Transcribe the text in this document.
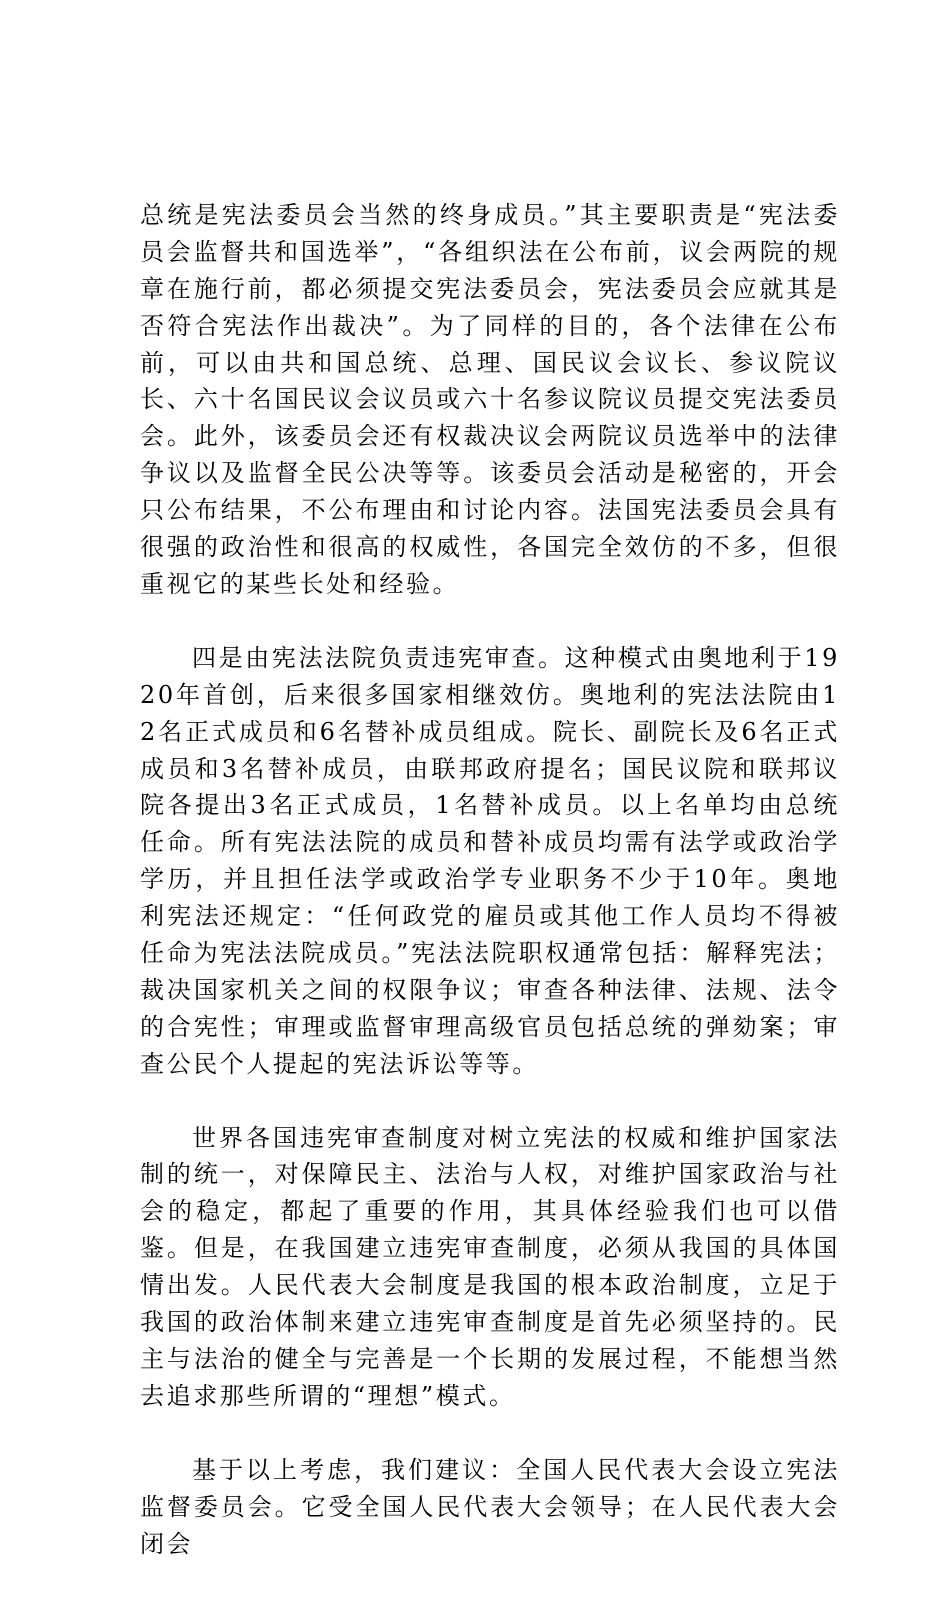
总统是宪法委员会当然的终身成员。”其主要职责是“宪法委员会监督共和国选举”，“各组织法在公布前，议会两院的规章在施行前，都必须提交宪法委员会，宪法委员会应就其是否符合宪法作出裁决”。为了同样的目的，各个法律在公布前，可以由共和国总统、总理、国民议会议长、参议院议长、六十名国民议会议员或六十名参议院议员提交宪法委员会。此外，该委员会还有权裁决议会两院议员选举中的法律争议以及监督全民公决等等。该委员会活动是秘密的，开会只公布结果，不公布理由和讨论内容。法国宪法委员会具有很强的政治性和很高的权威性，各国完全效仿的不多，但很重视它的某些长处和经验。

四是由宪法法院负责违宪审查。这种模式由奥地利于1920年首创，后来很多国家相继效仿。奥地利的宪法法院由12名正式成员和6名替补成员组成。院长、副院长及6名正式成员和3名替补成员，由联邦政府提名；国民议院和联邦议院各提出3名正式成员，1名替补成员。以上名单均由总统任命。所有宪法法院的成员和替补成员均需有法学或政治学学历，并且担任法学或政治学专业职务不少于10年。奥地利宪法还规定：“任何政党的雇员或其他工作人员均不得被任命为宪法法院成员。”宪法法院职权通常包括：解释宪法；裁决国家机关之间的权限争议；审查各种法律、法规、法令的合宪性；审理或监督审理高级官员包括总统的弹劾案；审查公民个人提起的宪法诉讼等等。

世界各国违宪审查制度对树立宪法的权威和维护国家法制的统一，对保障民主、法治与人权，对维护国家政治与社会的稳定，都起了重要的作用，其具体经验我们也可以借鉴。但是，在我国建立违宪审查制度，必须从我国的具体国情出发。人民代表大会制度是我国的根本政治制度，立足于我国的政治体制来建立违宪审查制度是首先必须坚持的。民主与法治的健全与完善是一个长期的发展过程，不能想当然去追求那些所谓的“理想”模式。

基于以上考虑，我们建议：全国人民代表大会设立宪法监督委员会。它受全国人民代表大会领导；在人民代表大会闭会
